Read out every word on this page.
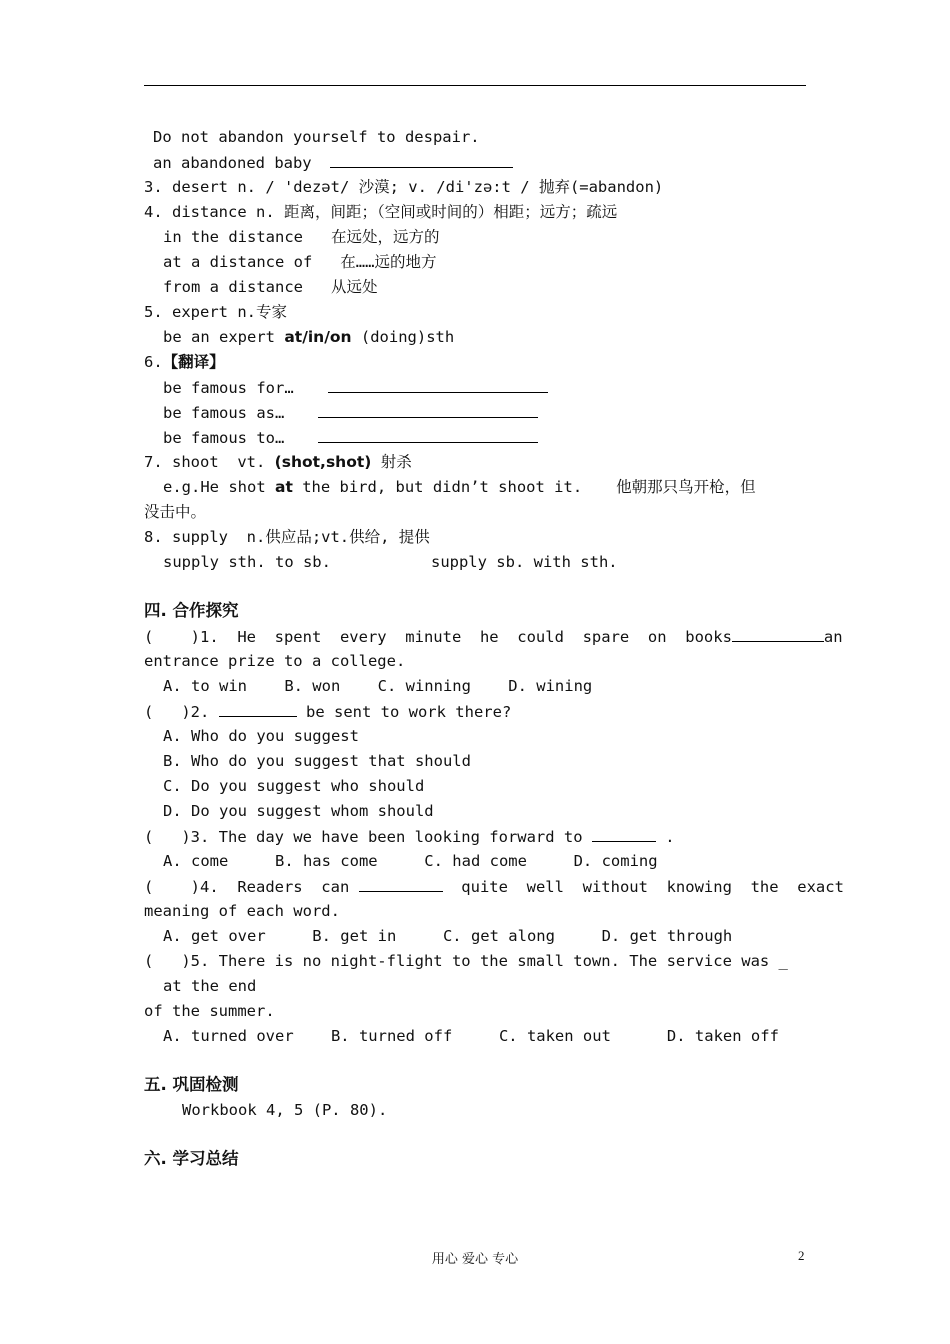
Do not abandon yourself to despair.
an abandoned baby
3. desert n. / 'dezət/ 沙漠; v. /di'zə:t / 抛弃(=abandon)
4. distance n. 距离，间距；（空间或时间的）相距；远方；疏远
in the distance   在远处，远方的
at a distance of   在……远的地方
from a distance   从远处
5. expert n.专家
be an expert at/in/on (doing)sth
6.【翻译】
be famous for…
be famous as…
be famous to…
7. shoot  vt. (shot,shot) 射杀
e.g.He shot at the bird, but didn’t shoot it. 他朝那只鸟开枪，但
没击中。
8. supply  n.供应品;vt.供给, 提供
supply sth. to sb.	supply sb. with sth.
四. 合作探究
(    )1.  He  spent  every  minute  he  could  spare  on  books	an
entrance prize to a college.
A. to win    B. won    C. winning    D. wining
(   )2.	be sent to work there?
A. Who do you suggest
B. Who do you suggest that should
C. Do you suggest who should
D. Do you suggest whom should
(   )3. The day we have been looking forward to	.
A. come     B. has come     C. had come     D. coming
(    )4.  Readers  can	quite  well  without  knowing  the  exact
meaning of each word.
A. get over     B. get in     C. get along     D. get through
(   )5. There is no night-flight to the small town. The service was _
at the end
of the summer.
A. turned over    B. turned off     C. taken out      D. taken off
五. 巩固检测
Workbook 4, 5 (P. 80).
六. 学习总结
用心 爱心 专心	2
